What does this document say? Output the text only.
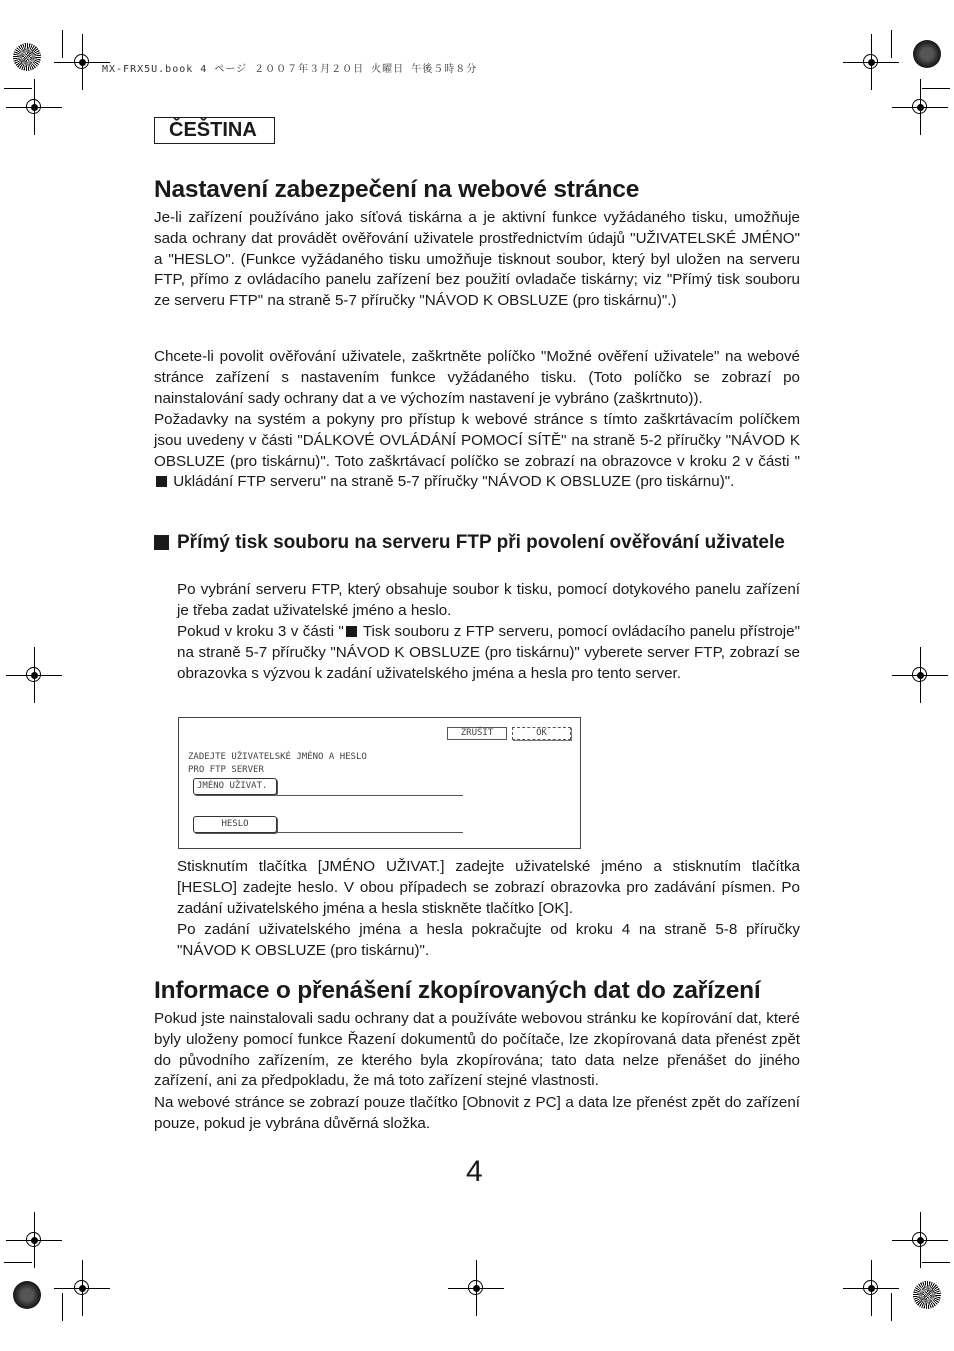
MX-FRX5U.book 4 ページ ２００７年３月２０日 火曜日 午後５時８分
ČEŠTINA
Nastavení zabezpečení na webové stránce

Je-li zařízení používáno jako síťová tiskárna a je aktivní funkce vyžádaného tisku, umožňuje sada ochrany dat provádět ověřování uživatele prostřednictvím údajů "UŽIVATELSKÉ JMÉNO" a "HESLO". (Funkce vyžádaného tisku umožňuje tisknout soubor, který byl uložen na serveru FTP, přímo z ovládacího panelu zařízení bez použití ovladače tiskárny; viz "Přímý tisk souboru ze serveru FTP" na straně 5-7 příručky "NÁVOD K OBSLUZE (pro tiskárnu)".)

Chcete-li povolit ověřování uživatele, zaškrtněte políčko "Možné ověření uživatele" na webové stránce zařízení s nastavením funkce vyžádaného tisku. (Toto políčko se zobrazí po nainstalování sady ochrany dat a ve výchozím nastavení je vybráno (zaškrtnuto)).

Požadavky na systém a pokyny pro přístup k webové stránce s tímto zaškrtávacím políčkem jsou uvedeny v části "DÁLKOVÉ OVLÁDÁNÍ POMOCÍ SÍTĚ" na straně 5-2 příručky "NÁVOD K OBSLUZE (pro tiskárnu)". Toto zaškrtávací políčko se zobrazí na obrazovce v kroku 2 v části " Ukládání FTP serveru" na straně 5-7 příručky "NÁVOD K OBSLUZE (pro tiskárnu)".

Přímý tisk souboru na serveru FTP při povolení ověřování uživatele

Po vybrání serveru FTP, který obsahuje soubor k tisku, pomocí dotykového panelu zařízení je třeba zadat uživatelské jméno a heslo.

Pokud v kroku 3 v části " Tisk souboru z FTP serveru, pomocí ovládacího panelu přístroje" na straně 5-7 příručky "NÁVOD K OBSLUZE (pro tiskárnu)" vyberete server FTP, zobrazí se obrazovka s výzvou k zadání uživatelského jména a hesla pro tento server.

ZRUŠIT	OK
ZADEJTE UŽIVATELSKÉ JMÉNO A HESLO
PRO FTP SERVER
JMÉNO UŽIVAT.
HESLO

Stisknutím tlačítka [JMÉNO UŽIVAT.] zadejte uživatelské jméno a stisknutím tlačítka [HESLO] zadejte heslo. V obou případech se zobrazí obrazovka pro zadávání písmen. Po zadání uživatelského jména a hesla stiskněte tlačítko [OK].

Po zadání uživatelského jména a hesla pokračujte od kroku 4 na straně 5-8 příručky "NÁVOD K OBSLUZE (pro tiskárnu)".

Informace o přenášení zkopírovaných dat do zařízení

Pokud jste nainstalovali sadu ochrany dat a používáte webovou stránku ke kopírování dat, které byly uloženy pomocí funkce Řazení dokumentů do počítače, lze zkopírovaná data přenést zpět do původního zařízením, ze kterého byla zkopírována; tato data nelze přenášet do jiného zařízení, ani za předpokladu, že má toto zařízení stejné vlastnosti.

Na webové stránce se zobrazí pouze tlačítko [Obnovit z PC] a data lze přenést zpět do zařízení pouze, pokud je vybrána důvěrná složka.

4
